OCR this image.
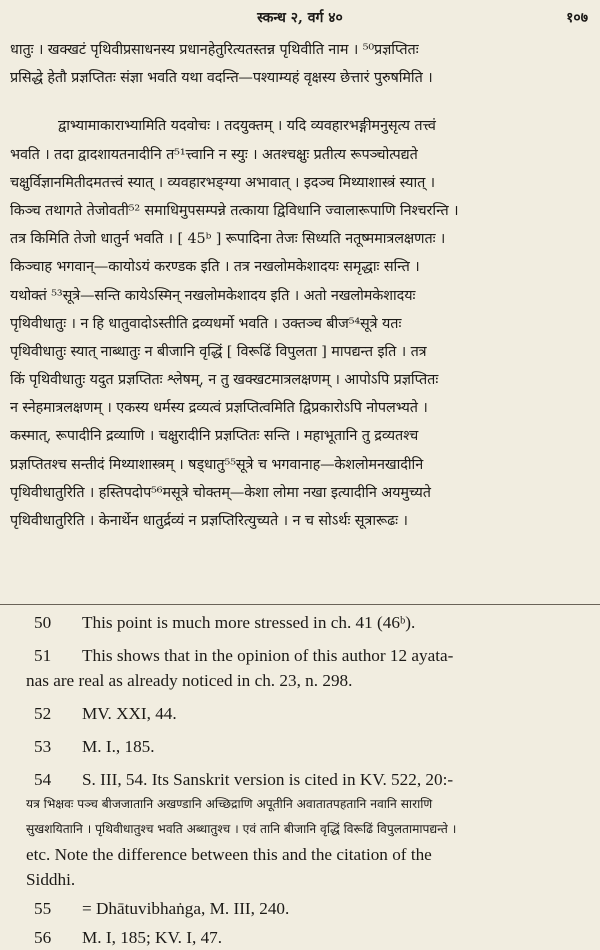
स्कन्ध २, वर्ग ४०	१०७
धातुः । खक्खटं पृथिवीप्रसाधनस्य प्रधानहेतुरित्यतस्तन्न पृथिवीति नाम । ⁵⁰प्रज्ञप्तितः
प्रसिद्धे हेतौ प्रज्ञप्तितः संज्ञा भवति यथा वदन्ति—पश्याम्यहं वृक्षस्य छेत्तारं पुरुषमिति ।
द्वाभ्यामाकाराभ्यामिति यदवोचः । तदयुक्तम् । यदि व्यवहारभङ्गीमनुसृत्य तत्त्वं
भवति । तदा द्वादशायतनादीनि त⁵¹त्त्वानि न स्युः । अतश्चक्षुः प्रतीत्य रूपञ्चोत्पद्यते
चक्षुर्विज्ञानमितीदमतत्त्वं स्यात् । व्यवहारभङ्ग्या अभावात् । इदञ्च मिथ्याशास्त्रं स्यात् ।
किञ्च तथागते तेजोवती⁵² समाधिमुपसम्पन्ने तत्काया द्विविधानि ज्वालारूपाणि निश्चरन्ति ।
तत्र किमिति तेजो धातुर्न भवति । [ 45ᵇ ] रूपादिना तेजः सिध्यति नतूष्ममात्रलक्षणतः ।
किञ्चाह भगवान्—कायोऽयं करण्डक इति । तत्र नखलोमकेशादयः समृद्धाः सन्ति ।
यथोक्तं ⁵³सूत्रे—सन्ति कायेऽस्मिन् नखलोमकेशादय इति । अतो नखलोमकेशादयः
पृथिवीधातुः । न हि धातुवादोऽस्तीति द्रव्यधर्मो भवति । उक्तञ्च बीज⁵⁴सूत्रे यतः
पृथिवीधातुः स्यात् नाब्धातुः न बीजानि वृद्धिं [ विरूढिं विपुलता ] मापद्यन्त इति । तत्र
किं पृथिवीधातुः यदुत प्रज्ञप्तितः श्लेषम्, न तु खक्खटमात्रलक्षणम् । आपोऽपि प्रज्ञप्तितः
न स्नेहमात्रलक्षणम् । एकस्य धर्मस्य द्रव्यत्वं प्रज्ञप्तित्वमिति द्विप्रकारोऽपि नोपलभ्यते ।
कस्मात्, रूपादीनि द्रव्याणि । चक्षुरादीनि प्रज्ञप्तितः सन्ति । महाभूतानि तु द्रव्यतश्च
प्रज्ञप्तितश्च सन्तीदं मिथ्याशास्त्रम् । षड्धातु⁵⁵सूत्रे च भगवानाह—केशलोमनखादीनि
पृथिवीधातुरिति । हस्तिपदोप⁵⁶मसूत्रे चोक्तम्—केशा लोमा नखा इत्यादीनि अयमुच्यते
पृथिवीधातुरिति । केनार्थेन धातुर्द्रव्यं न प्रज्ञप्तिरित्युच्यते । न च सोऽर्थः सूत्रारूढः ।
50 This point is much more stressed in ch. 41 (46ᵇ).
51 This shows that in the opinion of this author 12 ayata-
nas are real as already noticed in ch. 23, n. 298.
52 MV. XXI, 44.
53 M. I., 185.
54 S. III, 54. Its Sanskrit version is cited in KV. 522, 20:-
यत्र भिक्षवः पञ्च बीजजातानि अखण्डानि अच्छिद्राणि अपूतीनि अवातातपहतानि नवानि साराणि
सुखशयितानि । पृथिवीधातुश्च भवति अब्धातुश्च । एवं तानि बीजानि वृद्धिं विरूढिं विपुलतामापद्यन्ते ।
etc. Note the difference between this and the citation of the
Siddhi.
55 = Dhātuvibhaṅga, M. III, 240.
56 M. I, 185; KV. I, 47.
